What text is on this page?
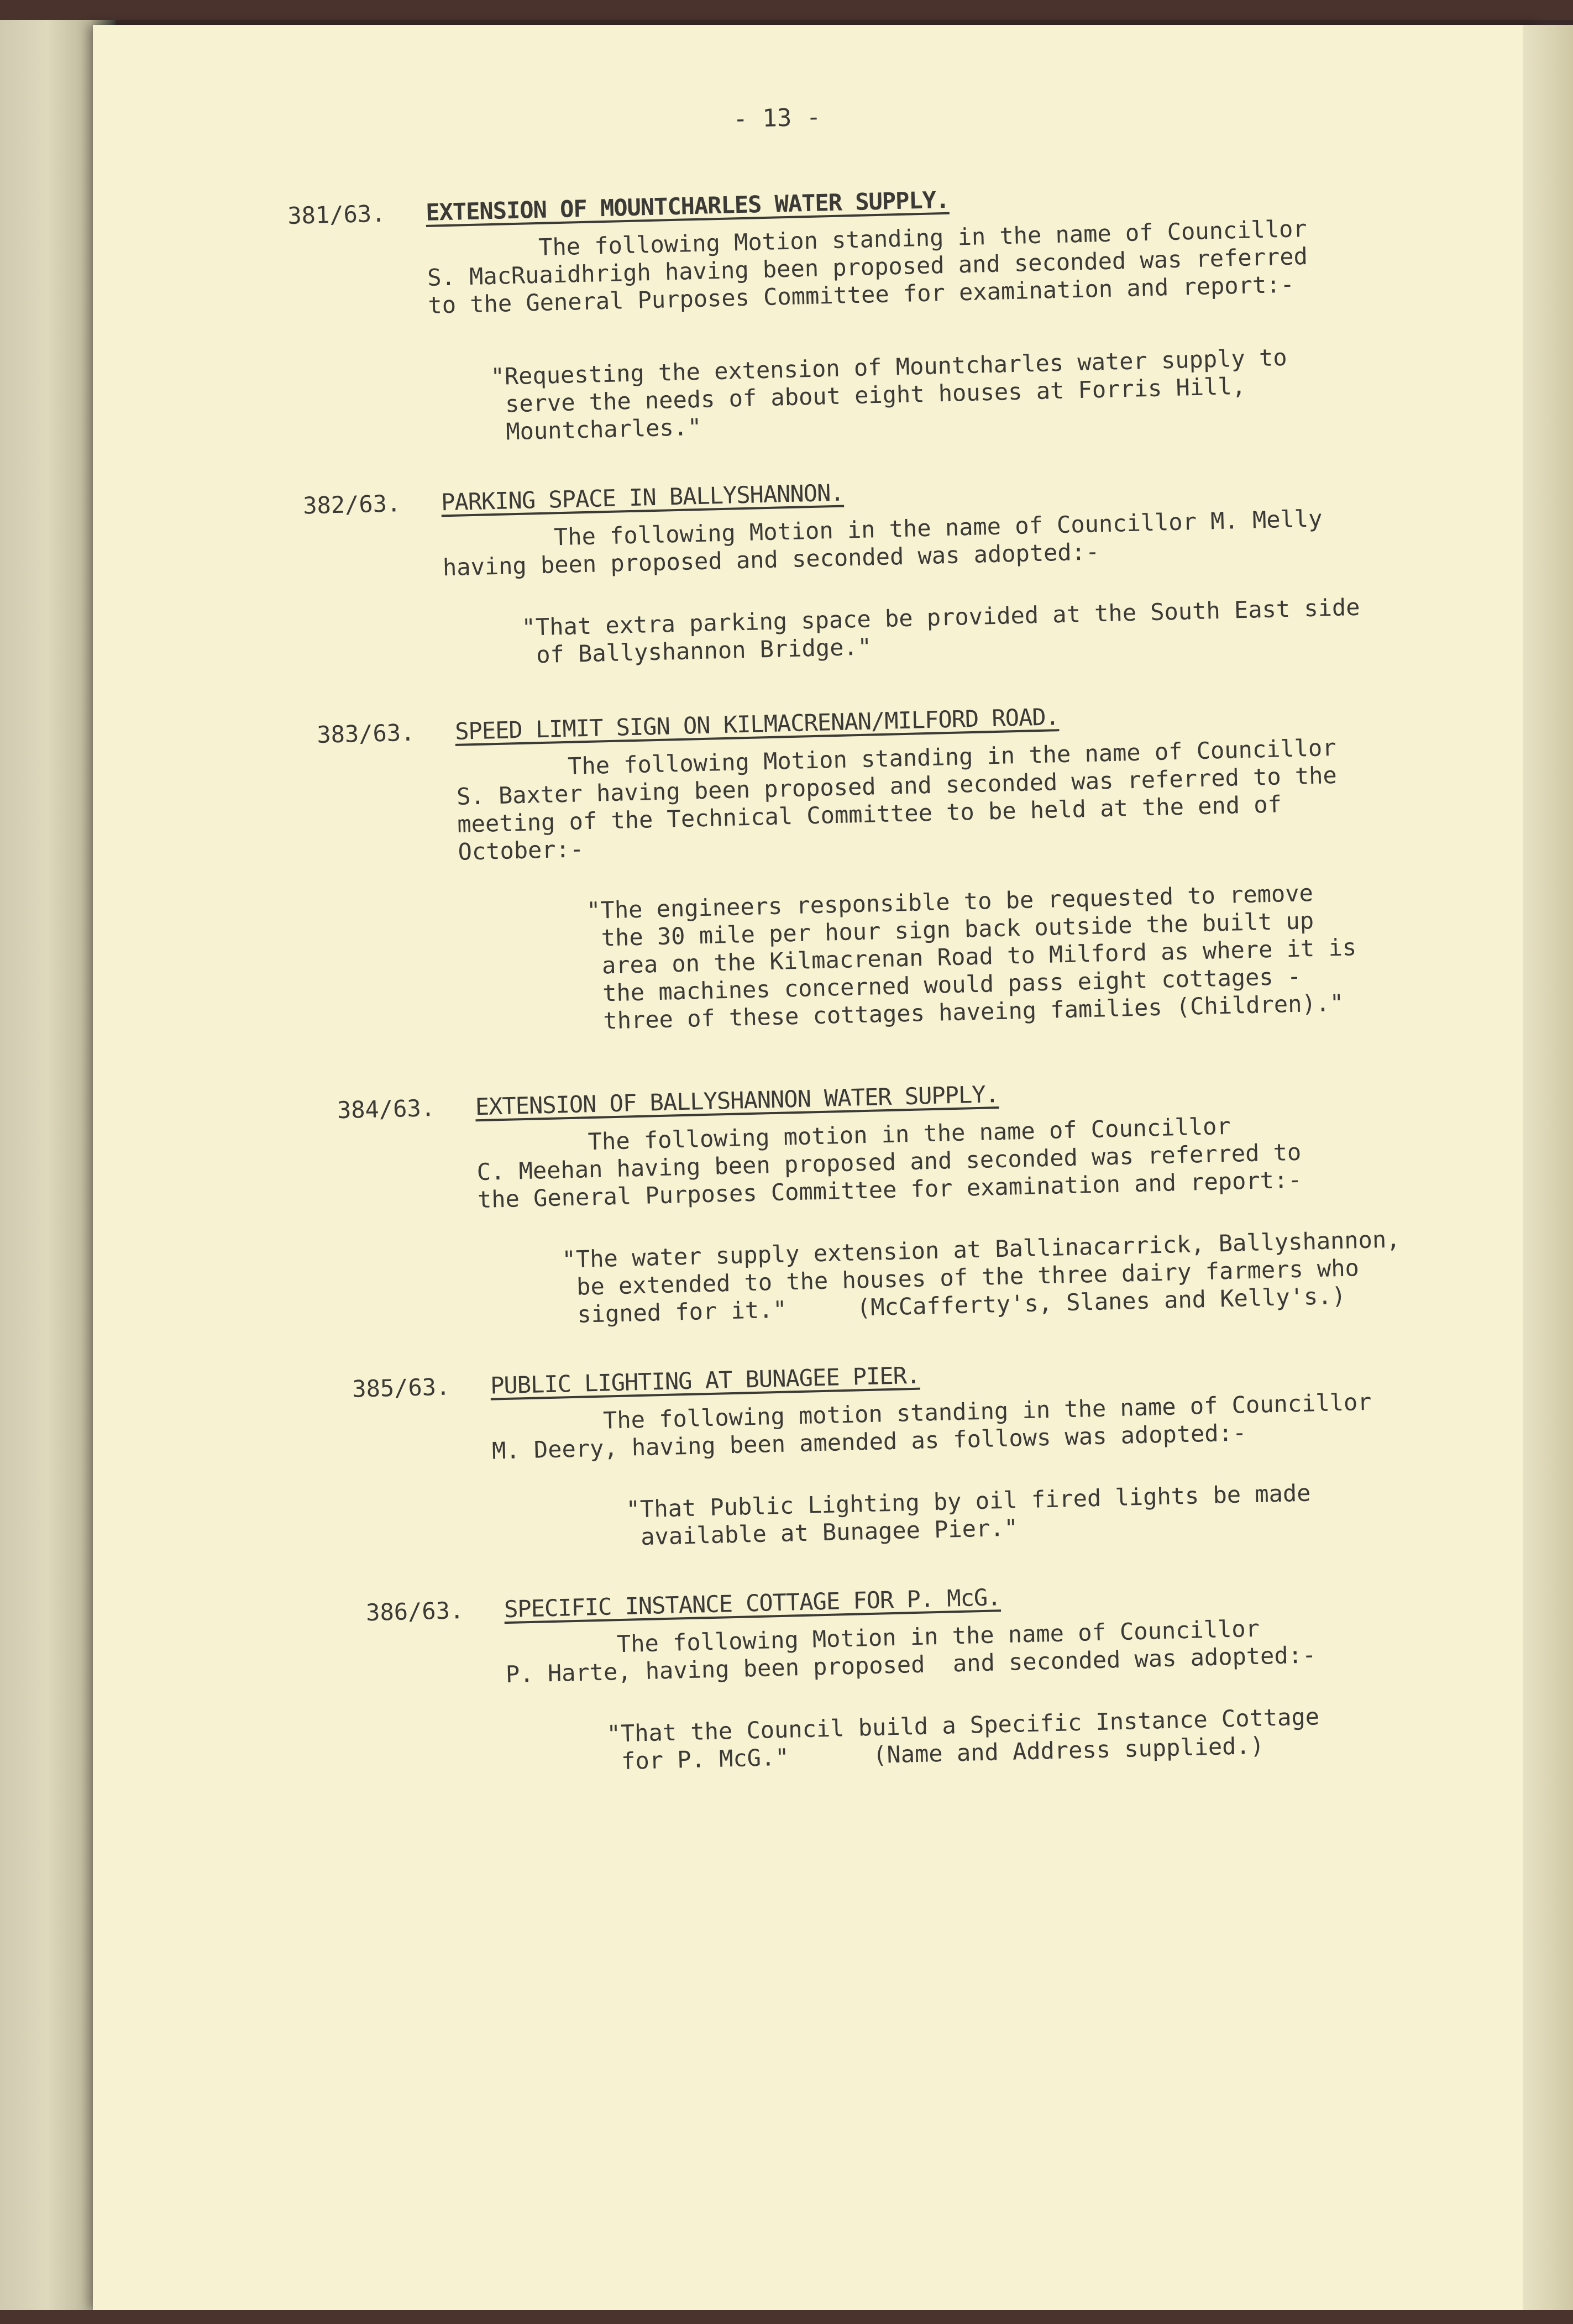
- 13 -
381/63. EXTENSION OF MOUNTCHARLES WATER SUPPLY.
The following Motion standing in the name of Councillor
S. MacRuaidhrigh having been proposed and seconded was referred
to the General Purposes Committee for examination and report:-
"Requesting the extension of Mountcharles water supply to
serve the needs of about eight houses at Forris Hill,
Mountcharles."
382/63. PARKING SPACE IN BALLYSHANNON.
The following Motion in the name of Councillor M. Melly
having been proposed and seconded was adopted:-
"That extra parking space be provided at the South East side
of Ballyshannon Bridge."
383/63. SPEED LIMIT SIGN ON KILMACRENAN/MILFORD ROAD.
The following Motion standing in the name of Councillor
S. Baxter having been proposed and seconded was referred to the
meeting of the Technical Committee to be held at the end of
October:-
"The engineers responsible to be requested to remove
the 30 mile per hour sign back outside the built up
area on the Kilmacrenan Road to Milford as where it is
the machines concerned would pass eight cottages -
three of these cottages haveing families (Children)."
384/63. EXTENSION OF BALLYSHANNON WATER SUPPLY.
The following motion in the name of Councillor
C. Meehan having been proposed and seconded was referred to
the General Purposes Committee for examination and report:-
"The water supply extension at Ballinacarrick, Ballyshannon,
be extended to the houses of the three dairy farmers who
signed for it."     (McCafferty's, Slanes and Kelly's.)
385/63. PUBLIC LIGHTING AT BUNAGEE PIER.
The following motion standing in the name of Councillor
M. Deery, having been amended as follows was adopted:-
"That Public Lighting by oil fired lights be made
available at Bunagee Pier."
386/63. SPECIFIC INSTANCE COTTAGE FOR P. McG.
The following Motion in the name of Councillor
P. Harte, having been proposed  and seconded was adopted:-
"That the Council build a Specific Instance Cottage
for P. McG."      (Name and Address supplied.)
